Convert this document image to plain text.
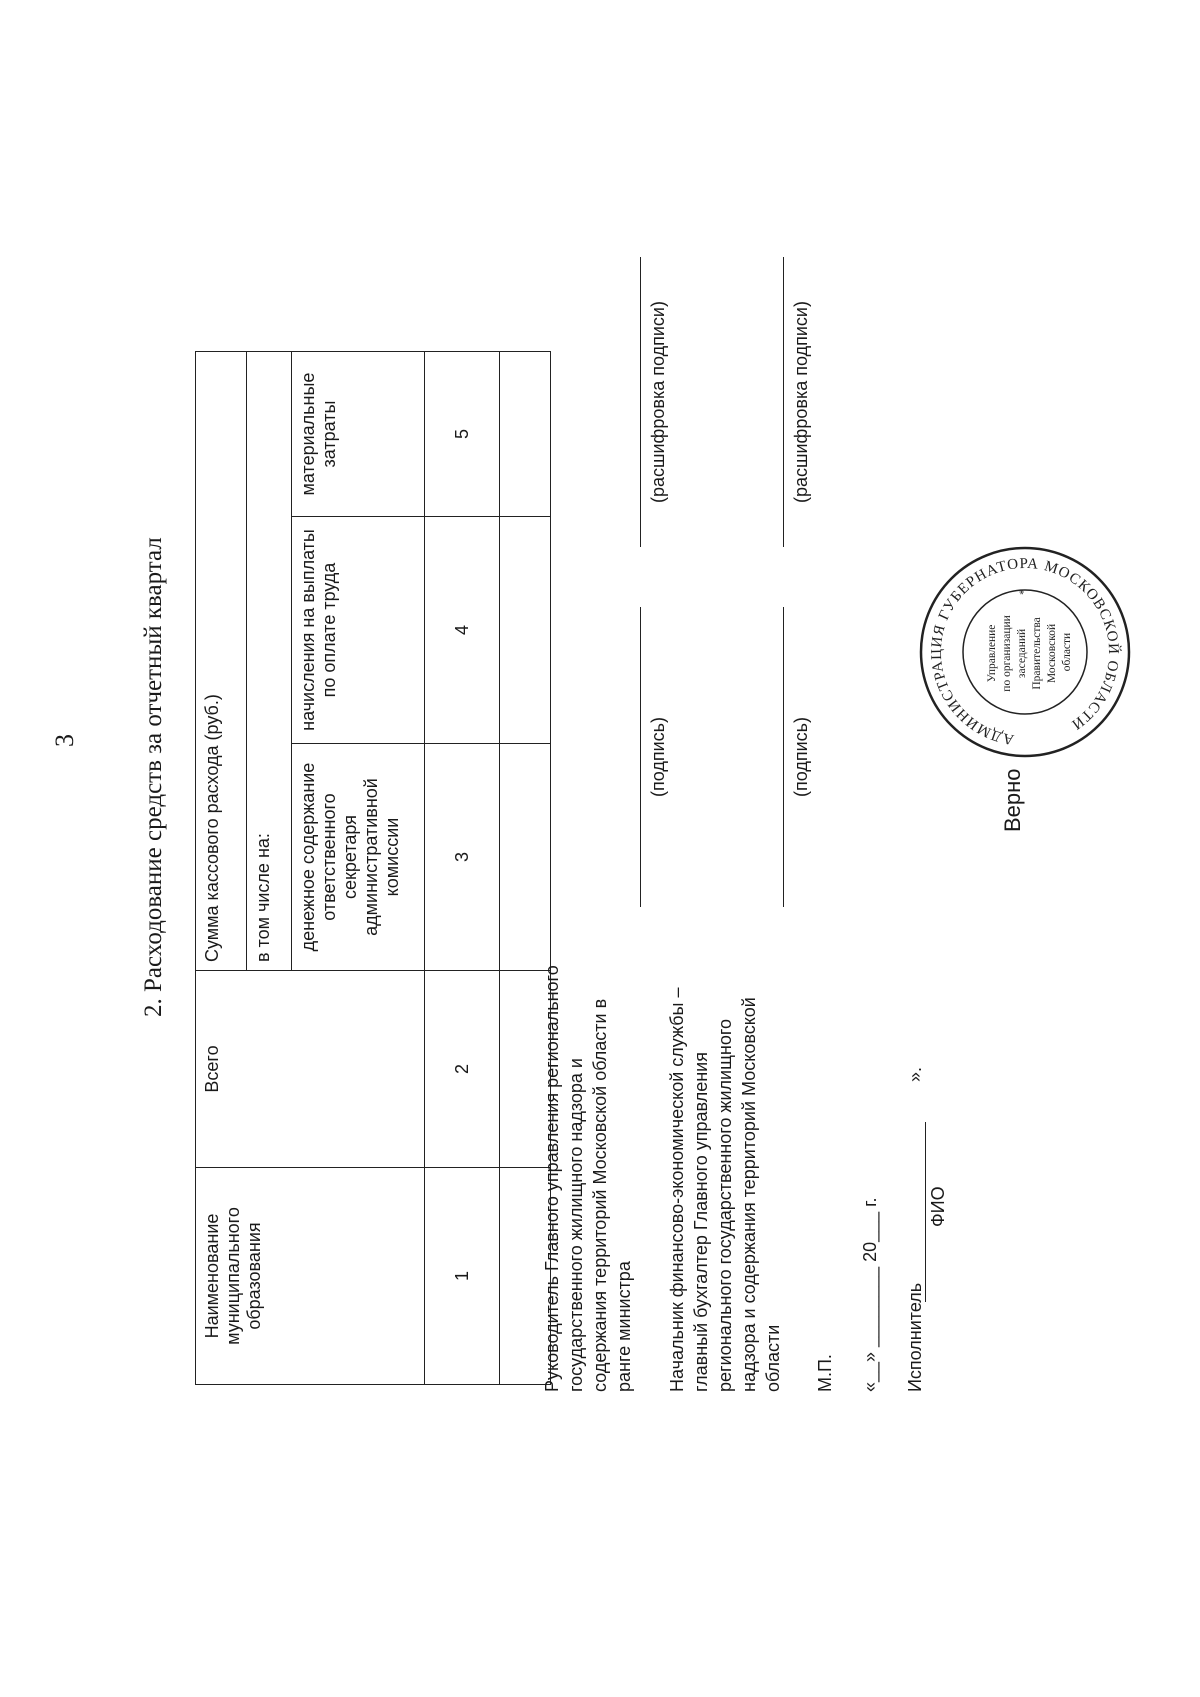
3 2. Расходование средств за отчетный квартал
Наименование муниципального образования	Всего	Сумма кассового расхода (руб.)		
		в том числе на:		
		денежное содержание ответственного секретаря административной комиссии	начисления на выплаты по оплате труда	материальные затраты
1	2	3	4	5

Руководитель Главного управления регионального государственного жилищного надзора и содержания территорий Московской области в ранге министра
(подпись)
(расшифровка подписи)
Начальник финансово-экономической службы – главный бухгалтер Главного управления регионального государственного жилищного надзора и содержания территорий Московской области
(подпись)
(расшифровка подписи)
М.П. «__» ________ 20___ г. Исполнитель
ФИО
».
Верно
АДМИНИСТРАЦИЯ ГУБЕРНАТОРА МОСКОВСКОЙ ОБЛАСТИ
*
Управление по организации заседаний Правительства Московской области
